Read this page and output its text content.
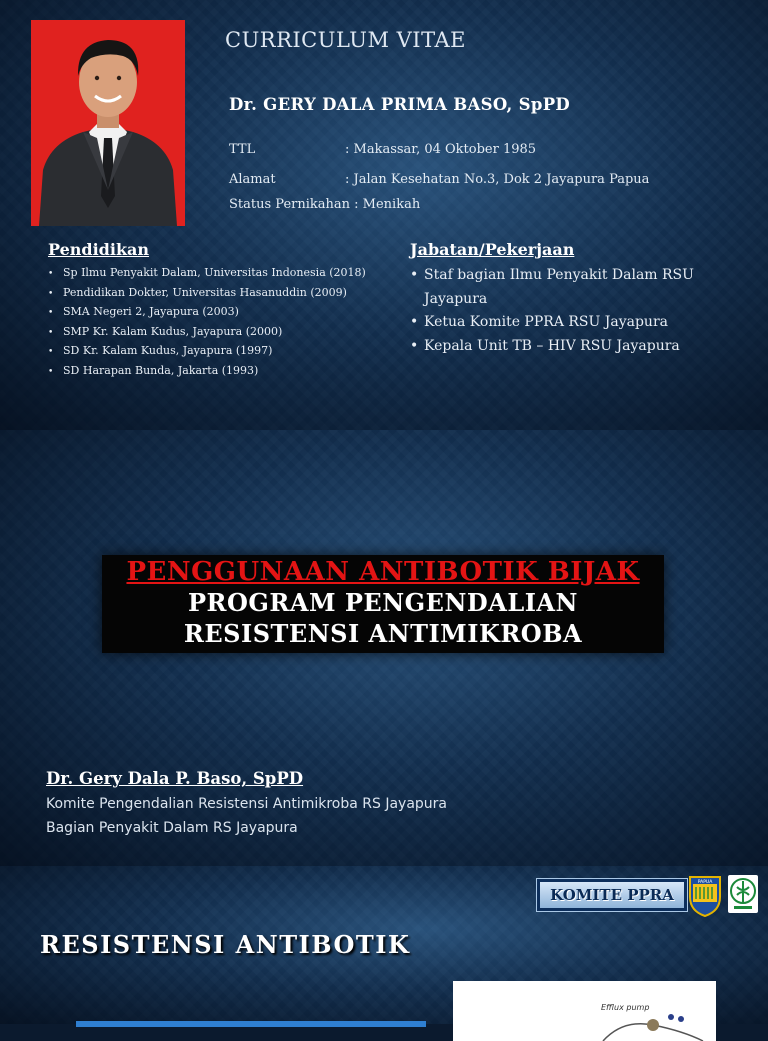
CURRICULUM VITAE
Dr. GERY DALA PRIMA BASO, SpPD
TTL	: Makassar, 04 Oktober 1985
Alamat	: Jalan Kesehatan No.3, Dok 2 Jayapura Papua
Status Pernikahan : Menikah
Pendidikan
• Sp Ilmu Penyakit Dalam, Universitas Indonesia (2018)
• Pendidikan Dokter, Universitas Hasanuddin (2009)
• SMA Negeri 2, Jayapura (2003)
• SMP Kr. Kalam Kudus, Jayapura (2000)
• SD Kr. Kalam Kudus, Jayapura (1997)
• SD Harapan Bunda, Jakarta (1993)
Jabatan/Pekerjaan
• Staf bagian Ilmu Penyakit Dalam RSU Jayapura
• Ketua Komite PPRA RSU Jayapura
• Kepala Unit TB – HIV RSU Jayapura
PENGGUNAAN ANTIBOTIK BIJAK
PROGRAM PENGENDALIAN
RESISTENSI ANTIMIKROBA
Dr. Gery Dala P. Baso, SpPD
Komite Pengendalian Resistensi Antimikroba RS Jayapura
Bagian Penyakit Dalam RS Jayapura
KOMITE PPRA
PAPUA
RESISTENSI ANTIBOTIK
Efflux pump
